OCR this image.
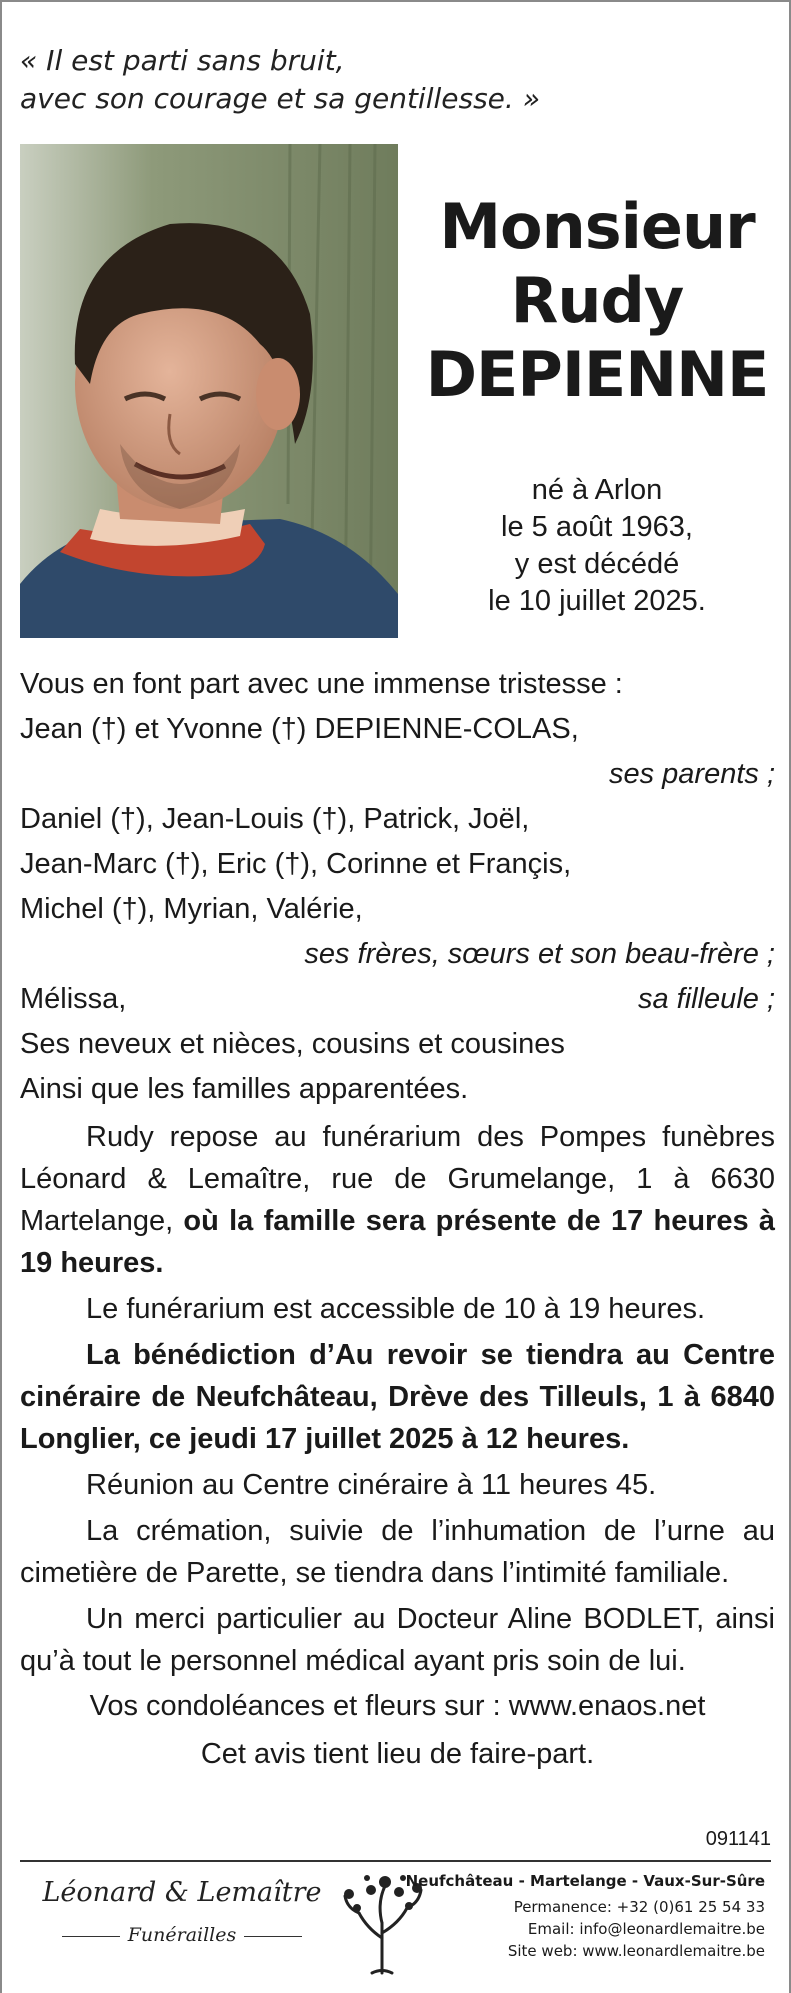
« Il est parti sans bruit,
avec son courage et sa gentillesse. »
Monsieur
Rudy
DEPIENNE
né à Arlon
le 5 août 1963,
y est décédé
le 10 juillet 2025.
Vous en font part avec une immense tristesse :
Jean (†) et Yvonne (†) DEPIENNE-COLAS,
ses parents ;
Daniel (†), Jean-Louis (†), Patrick, Joël,
Jean-Marc (†), Eric (†), Corinne et Françis,
Michel (†), Myrian, Valérie,
ses frères, sœurs et son beau-frère ;
Mélissa,	sa filleule ;
Ses neveux et nièces, cousins et cousines
Ainsi que les familles apparentées.
Rudy repose au funérarium des Pompes funèbres Léonard & Lemaître, rue de Grumelange, 1 à 6630 Martelange, où la famille sera présente de 17 heures à 19 heures.
Le funérarium est accessible de 10 à 19 heures.
La bénédiction d’Au revoir se tiendra au Centre cinéraire de Neufchâteau, Drève des Tilleuls, 1 à 6840 Longlier, ce jeudi 17 juillet 2025 à 12 heures.
Réunion au Centre cinéraire à 11 heures 45.
La crémation, suivie de l’inhumation de l’urne au cimetière de Parette, se tiendra dans l’intimité familiale.
Un merci particulier au Docteur Aline BODLET, ainsi qu’à tout le personnel médical ayant pris soin de lui.
Vos condoléances et fleurs sur : www.enaos.net
Cet avis tient lieu de faire-part.
091141
Léonard & Lemaître
Funérailles
Neufchâteau - Martelange - Vaux-Sur-Sûre
Permanence: +32 (0)61 25 54 33
Email: info@leonardlemaitre.be
Site web: www.leonardlemaitre.be
